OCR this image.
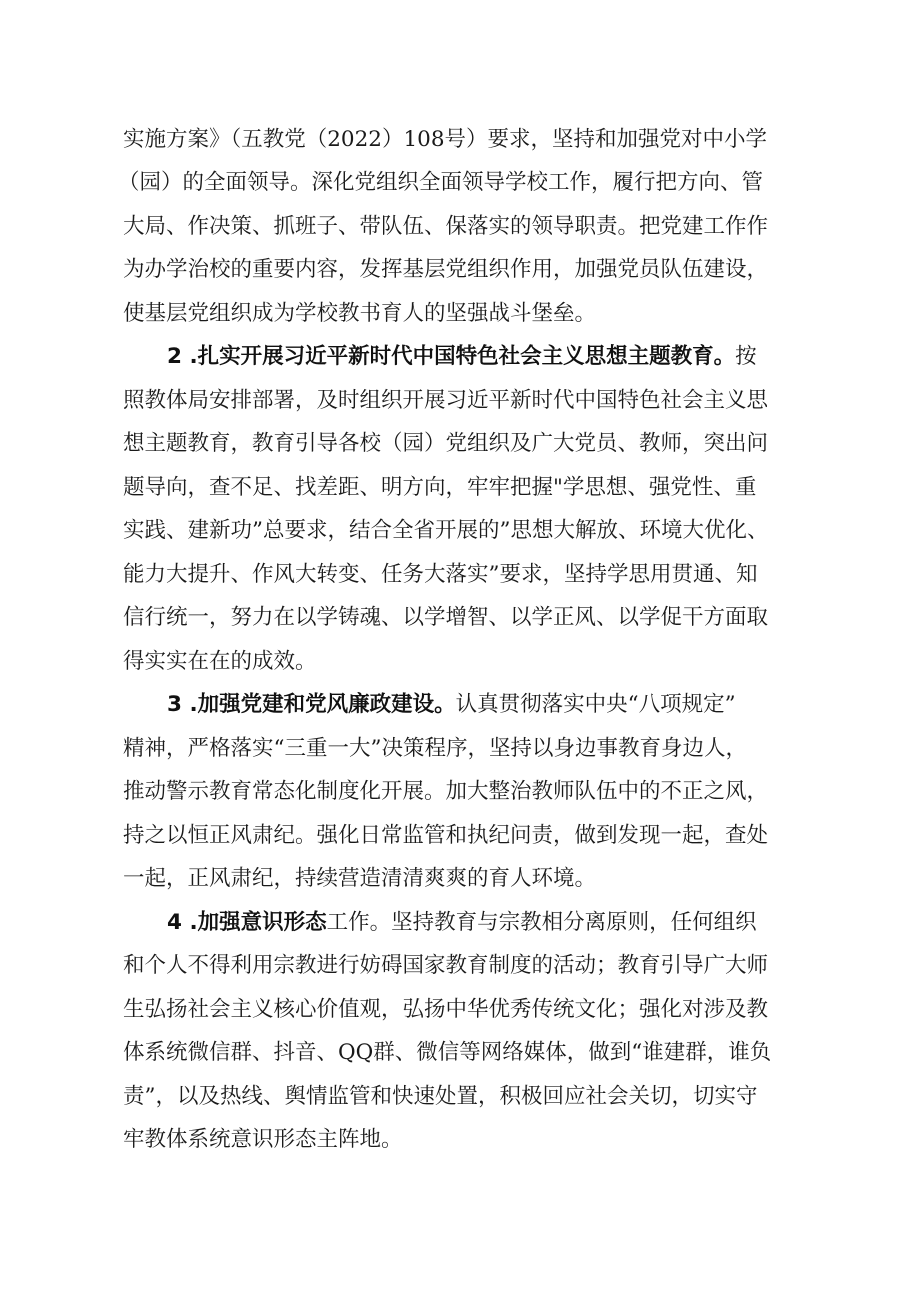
实施方案》（五教党（2022）108号）要求，坚持和加强党对中小学
（园）的全面领导。深化党组织全面领导学校工作，履行把方向、管
大局、作决策、抓班子、带队伍、保落实的领导职责。把党建工作作
为办学治校的重要内容，发挥基层党组织作用，加强党员队伍建设，
使基层党组织成为学校教书育人的坚强战斗堡垒。
2 .扎实开展习近平新时代中国特色社会主义思想主题教育。按
照教体局安排部署，及时组织开展习近平新时代中国特色社会主义思
想主题教育，教育引导各校（园）党组织及广大党员、教师，突出问
题导向，查不足、找差距、明方向，牢牢把握"学思想、强党性、重
实践、建新功”总要求，结合全省开展的”思想大解放、环境大优化、
能力大提升、作风大转变、任务大落实”要求，坚持学思用贯通、知
信行统一，努力在以学铸魂、以学增智、以学正风、以学促干方面取
得实实在在的成效。
3 .加强党建和党风廉政建设。认真贯彻落实中央“八项规定”
精神，严格落实“三重一大”决策程序，坚持以身边事教育身边人，
推动警示教育常态化制度化开展。加大整治教师队伍中的不正之风，
持之以恒正风肃纪。强化日常监管和执纪问责，做到发现一起，查处
一起，正风肃纪，持续营造清清爽爽的育人环境。
4 .加强意识形态工作。坚持教育与宗教相分离原则，任何组织
和个人不得利用宗教进行妨碍国家教育制度的活动；教育引导广大师
生弘扬社会主义核心价值观，弘扬中华优秀传统文化；强化对涉及教
体系统微信群、抖音、QQ群、微信等网络媒体，做到“谁建群，谁负
责”，以及热线、舆情监管和快速处置，积极回应社会关切，切实守
牢教体系统意识形态主阵地。
